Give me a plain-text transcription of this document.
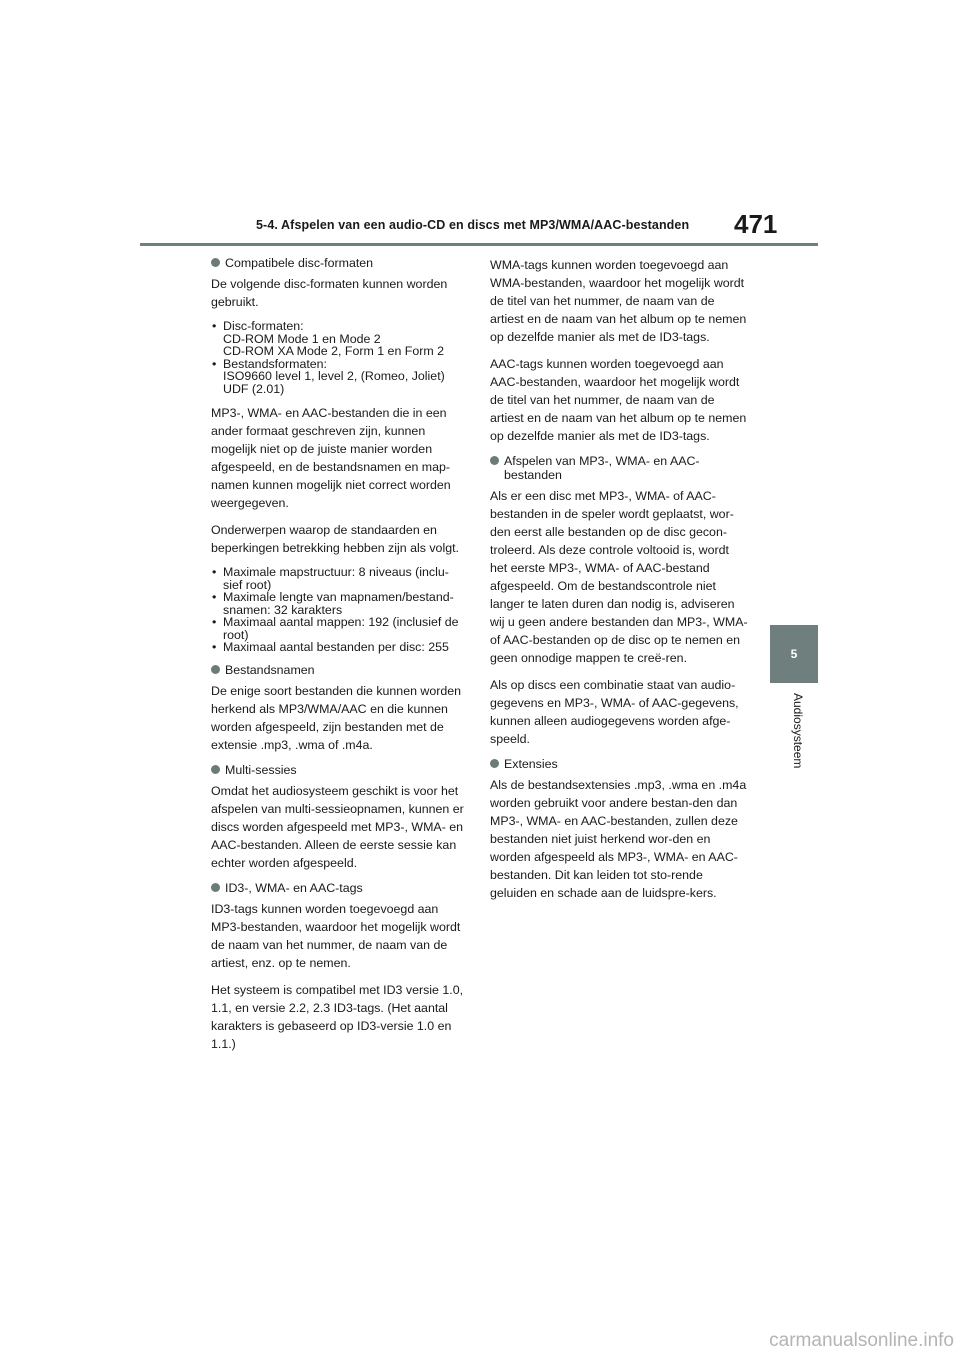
5-4. Afspelen van een audio-CD en discs met MP3/WMA/AAC-bestanden 471
5
Audiosysteem
Compatibele disc-formaten

De volgende disc-formaten kunnen worden gebruikt.

• Disc-formaten:
CD-ROM Mode 1 en Mode 2
CD-ROM XA Mode 2, Form 1 en Form 2
• Bestandsformaten:
ISO9660 level 1, level 2, (Romeo, Joliet)
UDF (2.01)

MP3-, WMA- en AAC-bestanden die in een ander formaat geschreven zijn, kunnen mogelijk niet op de juiste manier worden afgespeeld, en de bestandsnamen en map-namen kunnen mogelijk niet correct worden weergegeven.

Onderwerpen waarop de standaarden en beperkingen betrekking hebben zijn als volgt.

• Maximale mapstructuur: 8 niveaus (inclu-
sief root)
• Maximale lengte van mapnamen/bestand-
snamen: 32 karakters
• Maximaal aantal mappen: 192 (inclusief de
root)
• Maximaal aantal bestanden per disc: 255
Bestandsnamen

De enige soort bestanden die kunnen worden herkend als MP3/WMA/AAC en die kunnen worden afgespeeld, zijn bestanden met de extensie .mp3, .wma of .m4a.

Multi-sessies

Omdat het audiosysteem geschikt is voor het afspelen van multi-sessieopnamen, kunnen er discs worden afgespeeld met MP3-, WMA- en AAC-bestanden. Alleen de eerste sessie kan echter worden afgespeeld.

ID3-, WMA- en AAC-tags

ID3-tags kunnen worden toegevoegd aan MP3-bestanden, waardoor het mogelijk wordt de naam van het nummer, de naam van de artiest, enz. op te nemen.

Het systeem is compatibel met ID3 versie 1.0, 1.1, en versie 2.2, 2.3 ID3-tags. (Het aantal karakters is gebaseerd op ID3-versie 1.0 en 1.1.)

WMA-tags kunnen worden toegevoegd aan WMA-bestanden, waardoor het mogelijk wordt de titel van het nummer, de naam van de artiest en de naam van het album op te nemen op dezelfde manier als met de ID3-tags.

AAC-tags kunnen worden toegevoegd aan AAC-bestanden, waardoor het mogelijk wordt de titel van het nummer, de naam van de artiest en de naam van het album op te nemen op dezelfde manier als met de ID3-tags.

Afspelen van MP3-, WMA- en AAC-
bestanden

Als er een disc met MP3-, WMA- of AAC-bestanden in de speler wordt geplaatst, wor-den eerst alle bestanden op de disc gecon-troleerd. Als deze controle voltooid is, wordt het eerste MP3-, WMA- of AAC-bestand afgespeeld. Om de bestandscontrole niet langer te laten duren dan nodig is, adviseren wij u geen andere bestanden dan MP3-, WMA- of AAC-bestanden op de disc op te nemen en geen onnodige mappen te creë-ren.

Als op discs een combinatie staat van audio-gegevens en MP3-, WMA- of AAC-gegevens, kunnen alleen audiogegevens worden afge-speeld.

Extensies

Als de bestandsextensies .mp3, .wma en .m4a worden gebruikt voor andere bestan-den dan MP3-, WMA- en AAC-bestanden, zullen deze bestanden niet juist herkend wor-den en worden afgespeeld als MP3-, WMA- en AAC-bestanden. Dit kan leiden tot sto-rende geluiden en schade aan de luidspre-kers.

carmanualsonline.info
